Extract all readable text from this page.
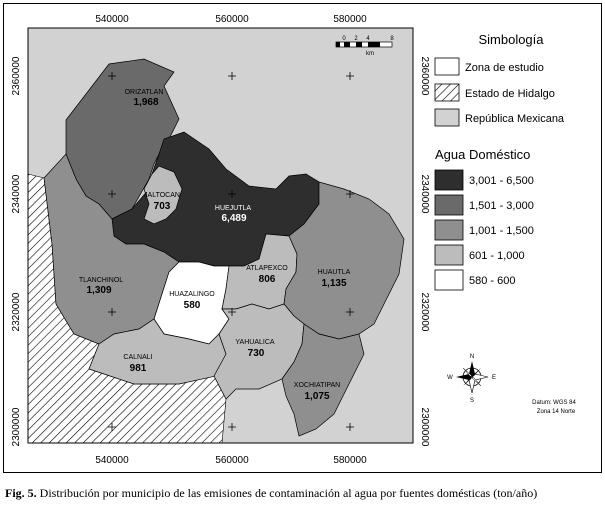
540000	560000	580000
540000	560000	580000
2360000
2340000
2320000
2300000
2360000
2340000
2320000
2300000
ORIZATLAN
1,968
JALTOCAN
703	HUEJUTLA
6,489
TLANCHINOL
1,309	HUAZALINGO
580
ATLAPEXCO
806
HUAUTLA
1,135
CALNALI
981
YAHUALICA
730
XOCHIATIPAN
1,075
0 2 4	8
km
N
S
E
W
Datum: WGS 84
Zona 14 Norte
Simbología
Zona de estudio
Estado de Hidalgo
República Mexicana
Agua Doméstico
3,001 - 6,500
1,501 - 3,000
1,001 - 1,500
601 - 1,000
580 - 600
Fig. 5. Distribución por municipio de las emisiones de contaminación al agua por fuentes domésticas (ton/año)
